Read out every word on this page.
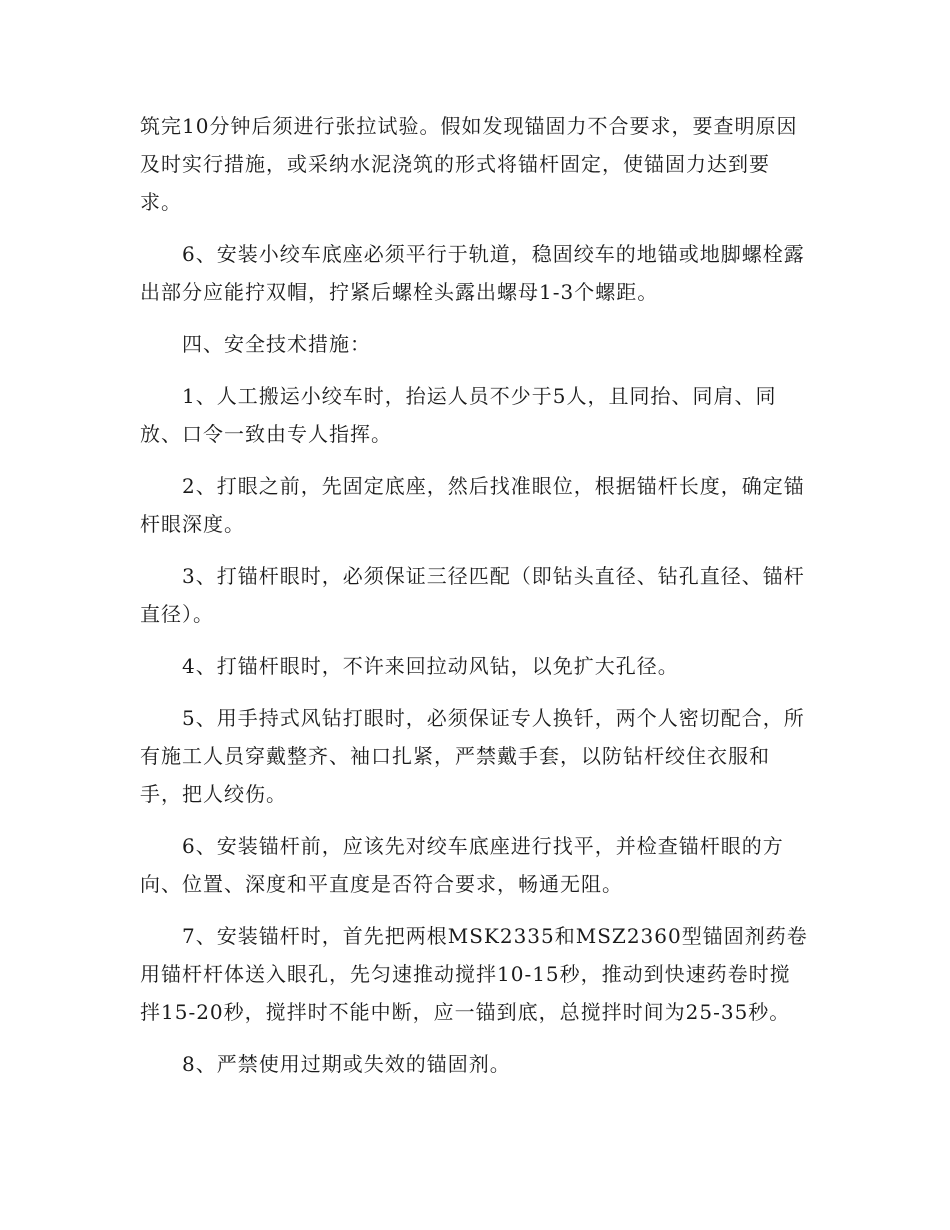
筑完10分钟后须进行张拉试验。假如发现锚固力不合要求，要查明原因及时实行措施，或采纳水泥浇筑的形式将锚杆固定，使锚固力达到要求。

6、安装小绞车底座必须平行于轨道，稳固绞车的地锚或地脚螺栓露出部分应能拧双帽，拧紧后螺栓头露出螺母1-3个螺距。

四、安全技术措施：

1、人工搬运小绞车时，抬运人员不少于5人，且同抬、同肩、同放、口令一致由专人指挥。

2、打眼之前，先固定底座，然后找准眼位，根据锚杆长度，确定锚杆眼深度。

3、打锚杆眼时，必须保证三径匹配（即钻头直径、钻孔直径、锚杆直径）。

4、打锚杆眼时，不许来回拉动风钻，以免扩大孔径。

5、用手持式风钻打眼时，必须保证专人换钎，两个人密切配合，所有施工人员穿戴整齐、袖口扎紧，严禁戴手套，以防钻杆绞住衣服和手，把人绞伤。

6、安装锚杆前，应该先对绞车底座进行找平，并检查锚杆眼的方向、位置、深度和平直度是否符合要求，畅通无阻。

7、安装锚杆时，首先把两根MSK2335和MSZ2360型锚固剂药卷用锚杆杆体送入眼孔，先匀速推动搅拌10-15秒，推动到快速药卷时搅拌15-20秒，搅拌时不能中断，应一锚到底，总搅拌时间为25-35秒。

8、严禁使用过期或失效的锚固剂。
